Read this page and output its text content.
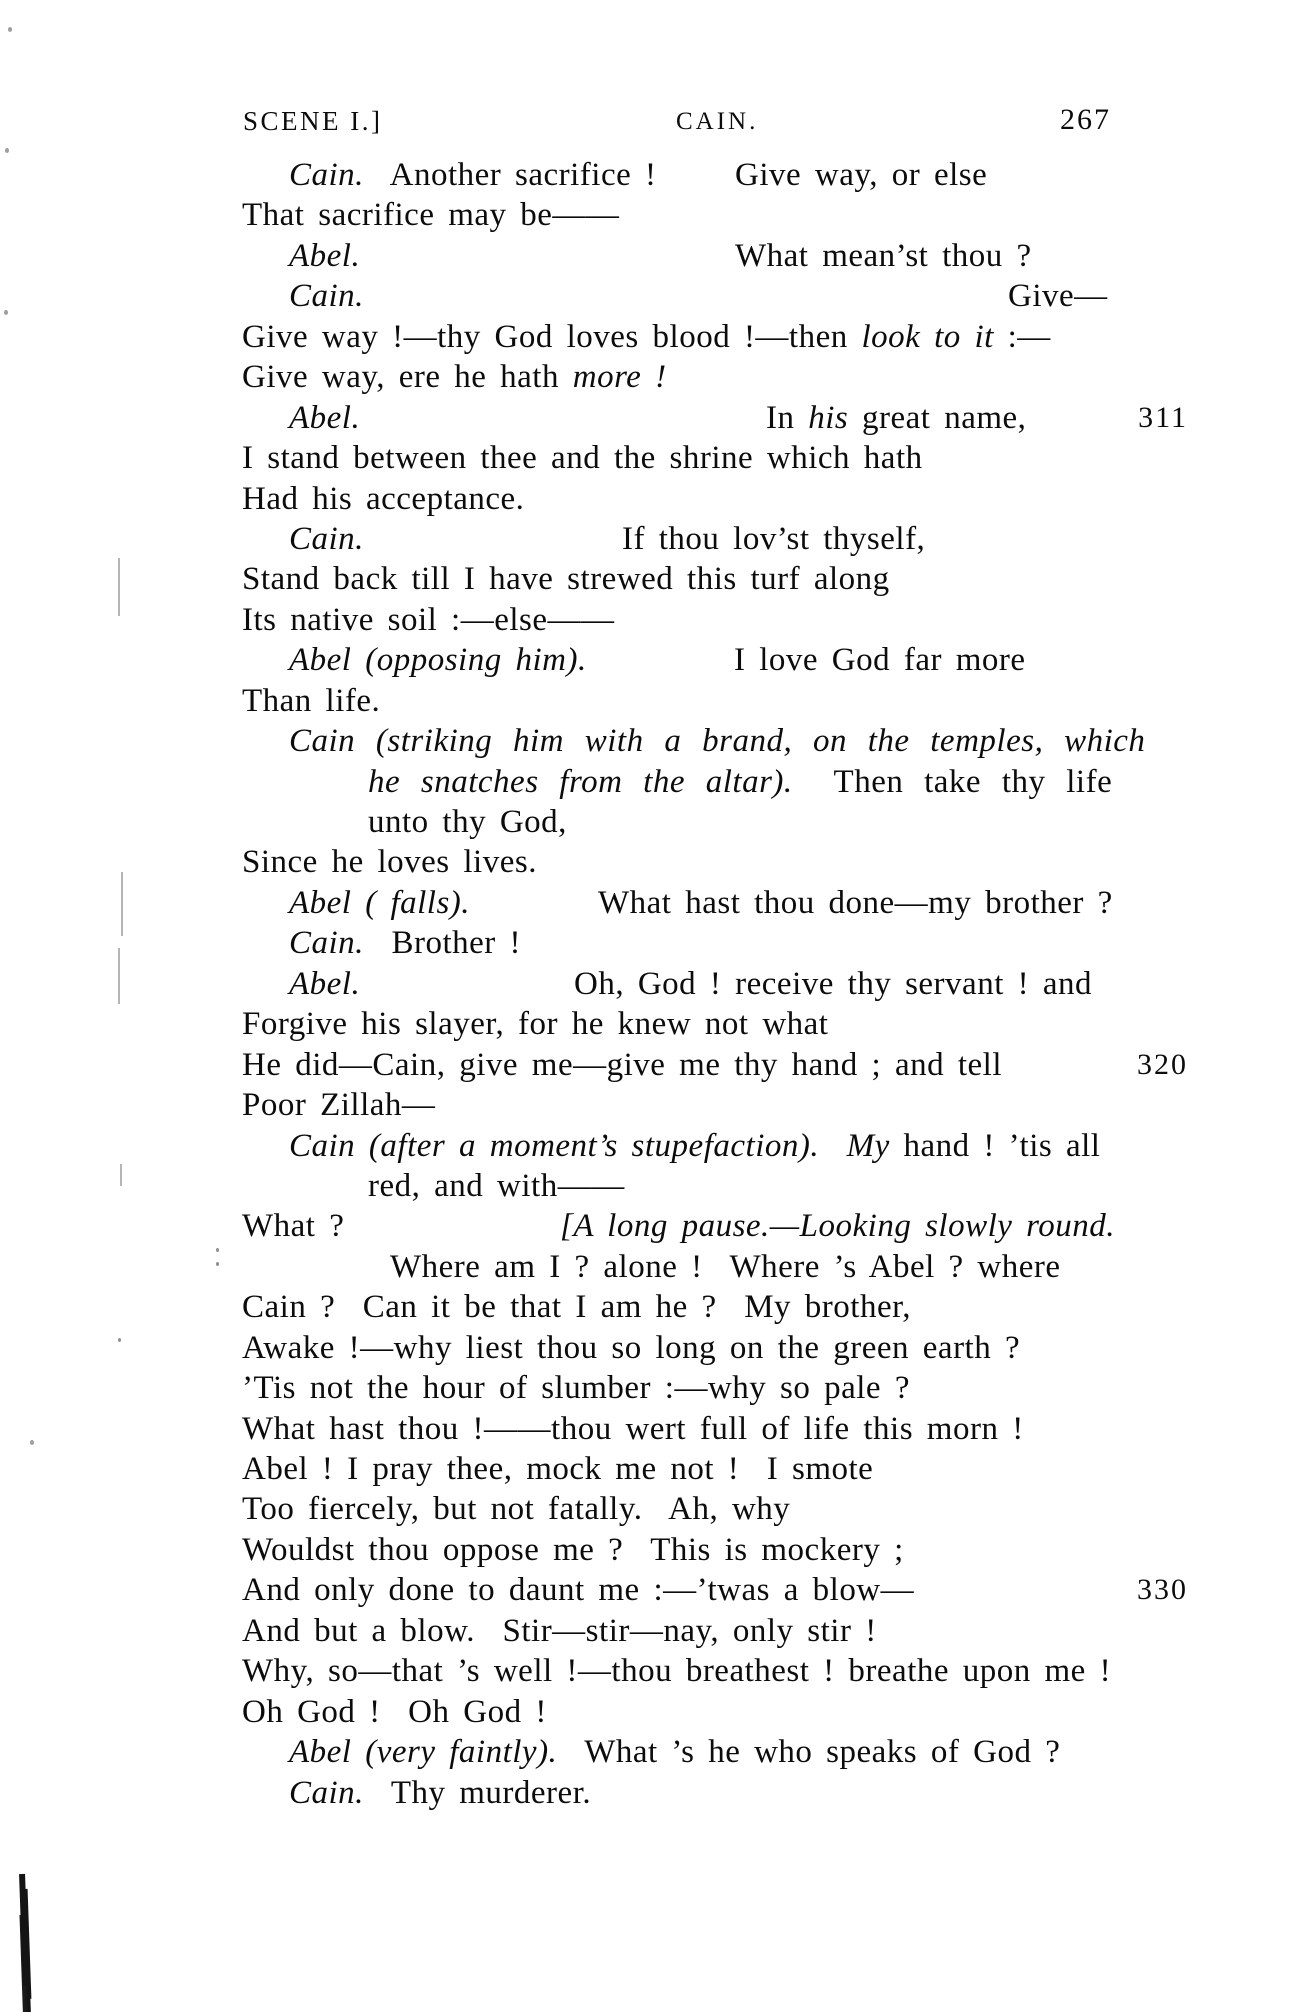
SCENE I.]	CAIN.	267
Cain.  Another sacrifice ! Give way, or else
That sacrifice may be——
Abel.	What mean’st thou ?
Cain.	Give—
Give way !—thy God loves blood !—then look to it :—
Give way, ere he hath more !
Abel.	In his great name,	311
I stand between thee and the shrine which hath
Had his acceptance.
Cain.	If thou lov’st thyself,
Stand back till I have strewed this turf along
Its native soil :—else——
Abel (opposing him).	I love God far more
Than life.
Cain (striking him with a brand, on the temples, which
he snatches from the altar).  Then take thy life
unto thy God,
Since he loves lives.
Abel ( falls).	What hast thou done—my brother ?
Cain.  Brother !
Abel.	Oh, God ! receive thy servant ! and
Forgive his slayer, for he knew not what
He did—Cain, give me—give me thy hand ; and tell	320
Poor Zillah—
Cain (after a moment’s stupefaction). My hand ! ’tis all
red, and with——
What ?	[A long pause.—Looking slowly round.
Where am I ? alone !  Where ’s Abel ? where
Cain ?  Can it be that I am he ?  My brother,
Awake !—why liest thou so long on the green earth ?
’Tis not the hour of slumber :—why so pale ?
What hast thou !——thou wert full of life this morn !
Abel ! I pray thee, mock me not !  I smote
Too fiercely, but not fatally.  Ah, why
Wouldst thou oppose me ?  This is mockery ;
And only done to daunt me :—’twas a blow—	330
And but a blow.  Stir—stir—nay, only stir !
Why, so—that ’s well !—thou breathest ! breathe upon me !
Oh God !  Oh God !
Abel (very faintly).  What ’s he who speaks of God ?
Cain.  Thy murderer.
